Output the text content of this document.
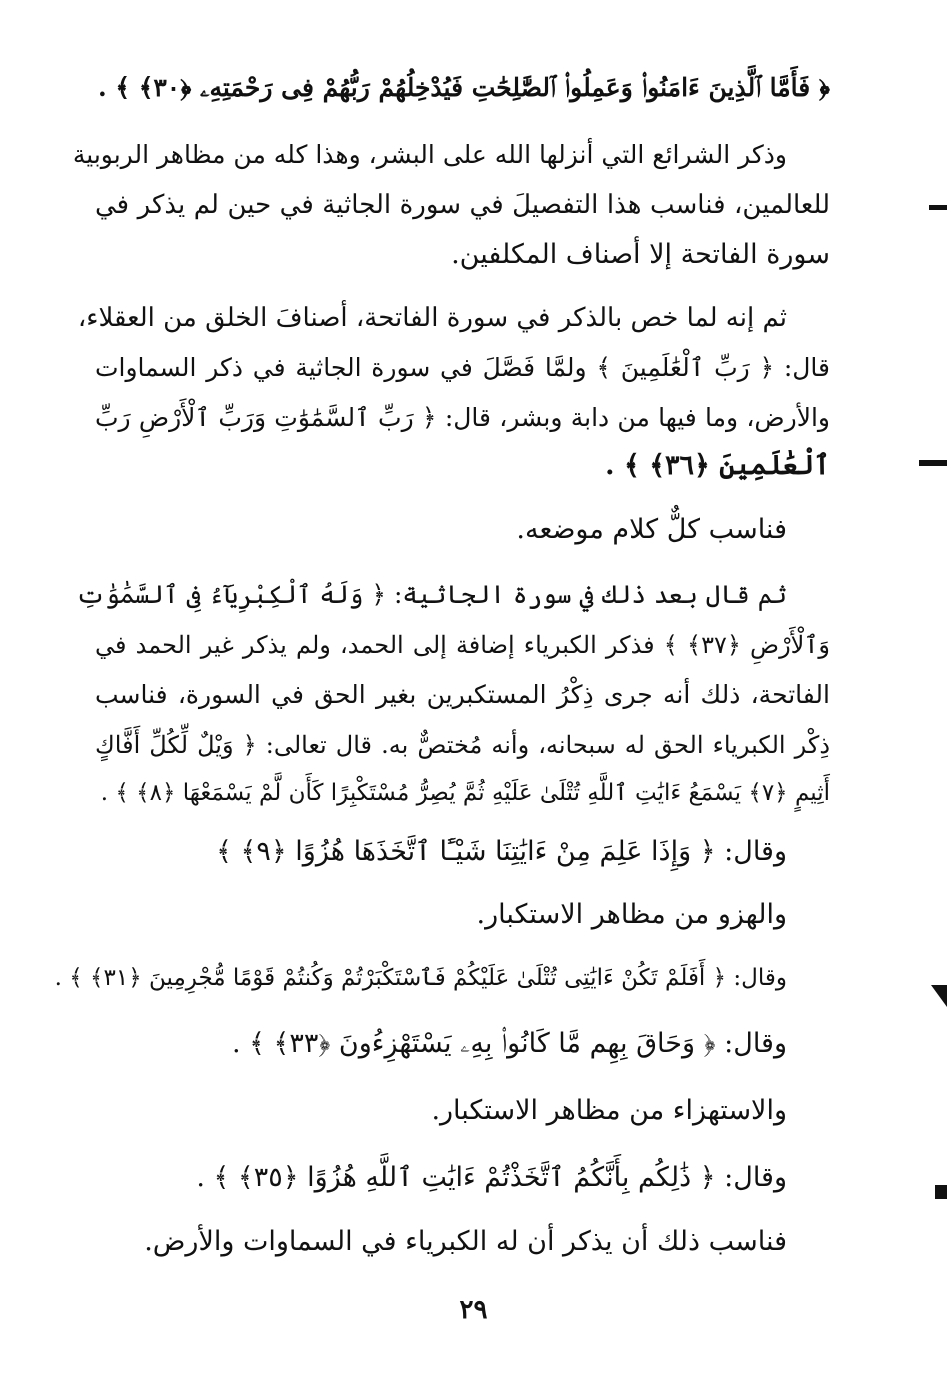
﴿ فَأَمَّا ٱلَّذِينَ ءَامَنُوا۟ وَعَمِلُوا۟ ٱلصَّٰلِحَٰتِ فَيُدْخِلُهُمْ رَبُّهُمْ فِى رَحْمَتِهِۦ ﴿٣٠﴾ ﴾ .
وذكر الشرائع التي أنزلها الله على البشر، وهذا كله من مظاهر الربوبية
للعالمين، فناسب هذا التفصيلَ في سورة الجاثية في حين لم يذكر في
سورة الفاتحة إلا أصناف المكلفين.
ثم إنه لما خص بالذكر في سورة الفاتحة، أصنافَ الخلق من العقلاء،
قال: ﴿ رَبِّ ٱلْعَٰلَمِينَ ﴾ ولمَّا فَصَّلَ في سورة الجاثية في ذكر السماوات
والأرض، وما فيها من دابة وبشر، قال: ﴿ رَبِّ ٱلسَّمَٰوَٰتِ وَرَبِّ ٱلْأَرْضِ رَبِّ
ٱلْعَٰلَمِينَ ﴿٣٦﴾ ﴾ .
فناسب كلٌّ كلام موضعه.
ثم قال بعد ذلك في سورة الجاثية: ﴿ وَلَهُ ٱلْكِبْرِيَآءُ فِى ٱلسَّمَٰوَٰتِ
وَٱلْأَرْضِ ﴿٣٧﴾ ﴾ فذكر الكبرياء إضافة إلى الحمد، ولم يذكر غير الحمد في
الفاتحة، ذلك أنه جرى ذِكْرُ المستكبرين بغير الحق في السورة، فناسب
ذِكْر الكبرياء الحق له سبحانه، وأنه مُختصٌّ به. قال تعالى: ﴿ وَيْلٌ لِّكُلِّ أَفَّاكٍ
أَثِيمٍ ﴿٧﴾ يَسْمَعُ ءَايَٰتِ ٱللَّهِ تُتْلَىٰ عَلَيْهِ ثُمَّ يُصِرُّ مُسْتَكْبِرًا كَأَن لَّمْ يَسْمَعْهَا ﴿٨﴾ ﴾ .
وقال: ﴿ وَإِذَا عَلِمَ مِنْ ءَايَٰتِنَا شَيْـًٔا ٱتَّخَذَهَا هُزُوًا ﴿٩﴾ ﴾
والهزو من مظاهر الاستكبار.
وقال: ﴿ أَفَلَمْ تَكُنْ ءَايَٰتِى تُتْلَىٰ عَلَيْكُمْ فَٱسْتَكْبَرْتُمْ وَكُنتُمْ قَوْمًا مُّجْرِمِينَ ﴿٣١﴾ ﴾ .
وقال: ﴿ وَحَاقَ بِهِم مَّا كَانُوا۟ بِهِۦ يَسْتَهْزِءُونَ ﴿٣٣﴾ ﴾ .
والاستهزاء من مظاهر الاستكبار.
وقال: ﴿ ذَٰلِكُم بِأَنَّكُمُ ٱتَّخَذْتُمْ ءَايَٰتِ ٱللَّهِ هُزُوًا ﴿٣٥﴾ ﴾ .
فناسب ذلك أن يذكر أن له الكبرياء في السماوات والأرض.
٢٩
